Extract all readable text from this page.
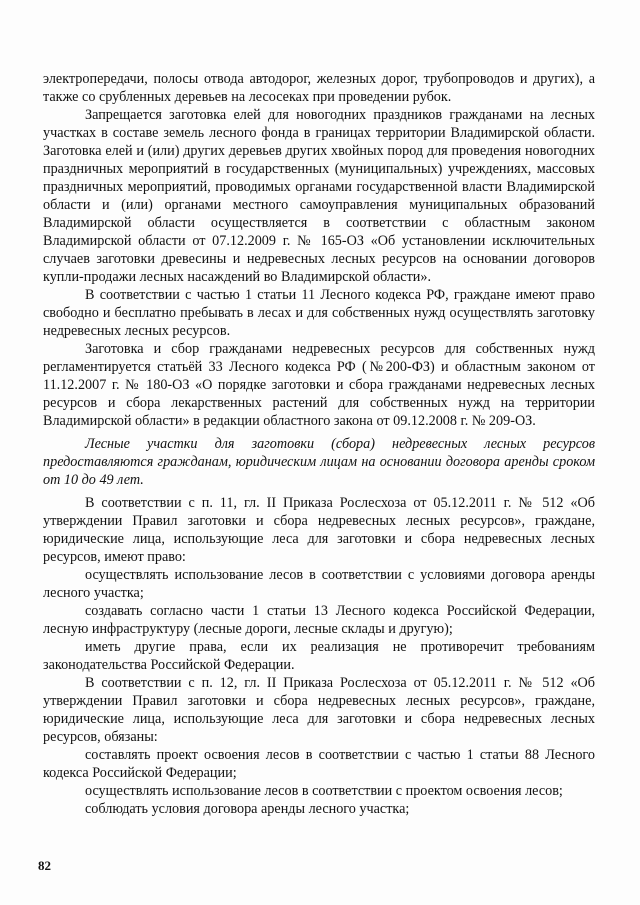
электропередачи, полосы отвода автодорог, железных дорог, трубопроводов и других), а также со срубленных деревьев на лесосеках при проведении рубок.

Запрещается заготовка елей для новогодних праздников гражданами на лесных участках в составе земель лесного фонда в границах территории Владимирской области. Заготовка елей и (или) других деревьев других хвойных пород для проведения новогодних праздничных мероприятий в государственных (муниципальных) учреждениях, массовых праздничных мероприятий, проводимых органами государственной власти Владимирской области и (или) органами местного самоуправления муниципальных образований Владимирской области осуществляется в соответствии с областным законом Владимирской области от 07.12.2009 г. № 165-ОЗ «Об установлении исключительных случаев заготовки древесины и недревесных лесных ресурсов на основании договоров купли-продажи лесных насаждений во Владимирской области».

В соответствии с частью 1 статьи 11 Лесного кодекса РФ, граждане имеют право свободно и бесплатно пребывать в лесах и для собственных нужд осуществлять заготовку недревесных лесных ресурсов.

Заготовка и сбор гражданами недревесных ресурсов для собственных нужд регламентируется статьёй 33 Лесного кодекса РФ (№200-ФЗ) и областным законом от 11.12.2007 г. № 180-ОЗ «О порядке заготовки и сбора гражданами недревесных лесных ресурсов и сбора лекарственных растений для собственных нужд на территории Владимирской области» в редакции областного закона от 09.12.2008 г. № 209-ОЗ.

Лесные участки для заготовки (сбора) недревесных лесных ресурсов предоставляются гражданам, юридическим лицам на основании договора аренды сроком от 10 до 49 лет.

В соответствии с п. 11, гл. II Приказа Рослесхоза от 05.12.2011 г. № 512 «Об утверждении Правил заготовки и сбора недревесных лесных ресурсов», граждане, юридические лица, использующие леса для заготовки и сбора недревесных лесных ресурсов, имеют право:

осуществлять использование лесов в соответствии с условиями договора аренды лесного участка;

создавать согласно части 1 статьи 13 Лесного кодекса Российской Федерации, лесную инфраструктуру (лесные дороги, лесные склады и другую);

иметь другие права, если их реализация не противоречит требованиям законодательства Российской Федерации.

В соответствии с п. 12, гл. II Приказа Рослесхоза от 05.12.2011 г. № 512 «Об утверждении Правил заготовки и сбора недревесных лесных ресурсов», граждане, юридические лица, использующие леса для заготовки и сбора недревесных лесных ресурсов, обязаны:

составлять проект освоения лесов в соответствии с частью 1 статьи 88 Лесного кодекса Российской Федерации;

осуществлять использование лесов в соответствии с проектом освоения лесов;

соблюдать условия договора аренды лесного участка;

82
